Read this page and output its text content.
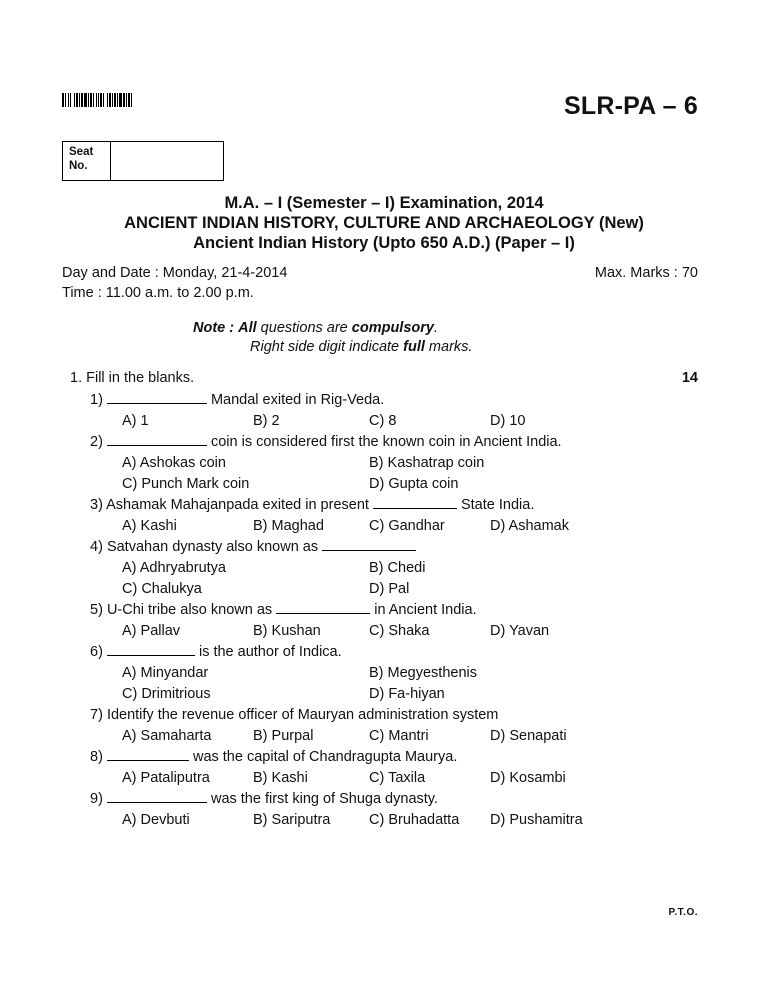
SLR-PA – 6
Seat
No.
M.A. – I (Semester – I) Examination, 2014
ANCIENT INDIAN HISTORY, CULTURE AND ARCHAEOLOGY (New)
Ancient Indian History (Upto 650 A.D.) (Paper – I)
Day and Date : Monday, 21-4-2014
Time : 11.00 a.m. to 2.00 p.m.
Max. Marks : 70
Note : All questions are compulsory.
Right side digit indicate full marks.
1. Fill in the blanks.	14
1)	Mandal exited in Rig-Veda.
A) 1	B) 2	C) 8	D) 10
2)	coin is considered first the known coin in Ancient India.
A) Ashokas coin	B) Kashatrap coin
C) Punch Mark coin	D) Gupta coin
3) Ashamak Mahajanpada exited in present	State India.
A) Kashi	B) Maghad	C) Gandhar	D) Ashamak
4) Satvahan dynasty also known as
A) Adhryabrutya	B) Chedi
C) Chalukya	D) Pal
5) U-Chi tribe also known as	in Ancient India.
A) Pallav	B) Kushan	C) Shaka	D) Yavan
6)	is the author of Indica.
A) Minyandar	B) Megyesthenis
C) Drimitrious	D) Fa-hiyan
7) Identify the revenue officer of Mauryan administration system
A) Samaharta	B) Purpal	C) Mantri	D) Senapati
8)	was the capital of Chandragupta Maurya.
A) Pataliputra	B) Kashi	C) Taxila	D) Kosambi
9)	was the first king of Shuga dynasty.
A) Devbuti	B) Sariputra	C) Bruhadatta D) Pushamitra
P.T.O.
